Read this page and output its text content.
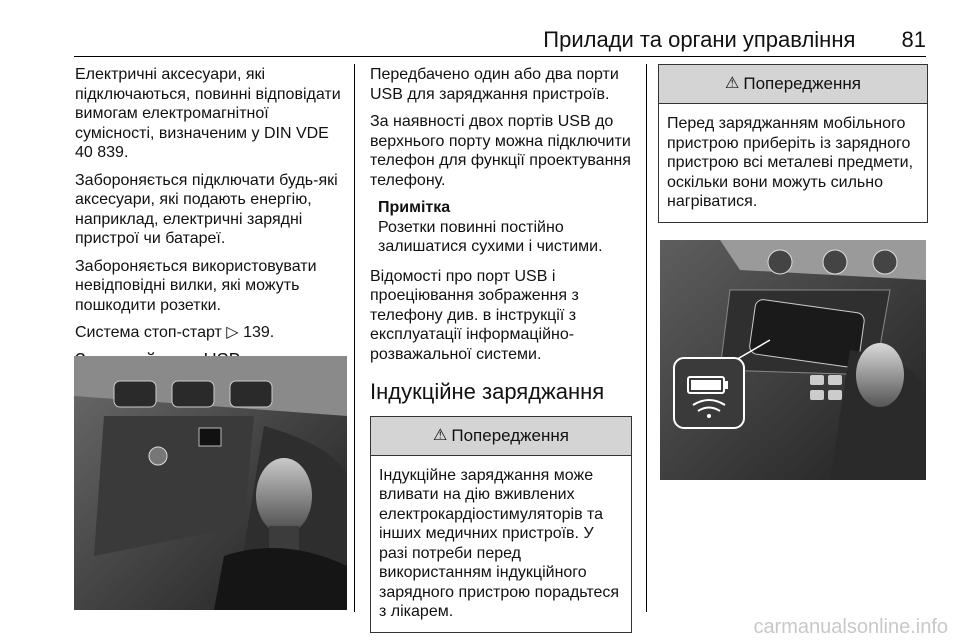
Прилади та органи управління 81

Електричні аксесуари, які підключаються, повинні відповідати вимогам електромагнітної сумісності, визначеним у DIN VDE 40 839.

Забороняється підключати будь-які аксесуари, які подають енергію, наприклад, електричні зарядні пристрої чи батареї.

Забороняється використовувати невідповідні вилки, які можуть пошкодити розетки.

Система стоп-старт ▷ 139.

Передбачено один або два порти USB для заряджання пристроїв.

За наявності двох портів USB до верхнього порту можна підключити телефон для функції проектування телефону.

Примітка
Розетки повинні постійно залишатися сухими і чистими.

Відомості про порт USB і проеціювання зображення з телефону див. в інструкції з експлуатації інформаційно-розважальної системи.

Індукційне заряджання
⚠ Попередження
Індукційне заряджання може вливати на дію вживлених електрокардіостимуляторів та інших медичних пристроїв. У разі потреби перед використанням індукційного зарядного пристрою порадьтеся з лікарем.
⚠ Попередження
Перед заряджанням мобільного пристрою приберіть із зарядного пристрою всі металеві предмети, оскільки вони можуть сильно нагріватися.
carmanualsonline.info
